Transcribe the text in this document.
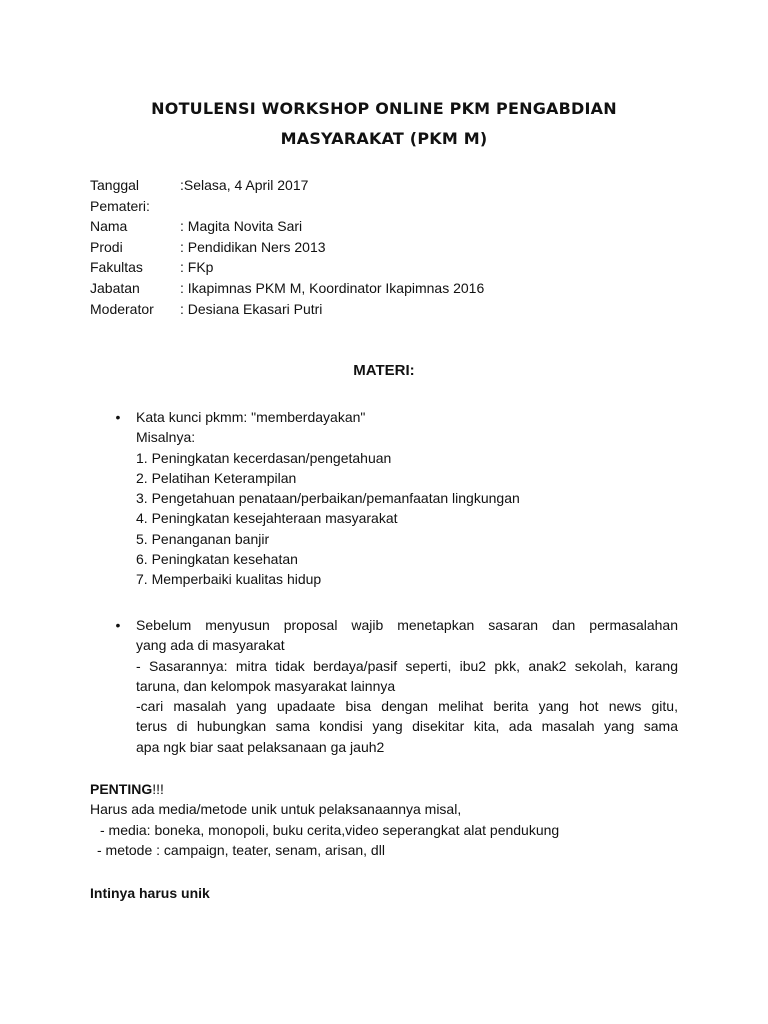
NOTULENSI WORKSHOP ONLINE PKM PENGABDIAN
MASYARAKAT (PKM M)
Tanggal	:Selasa, 4 April 2017
Pemateri:
Nama	: Magita Novita Sari
Prodi	: Pendidikan Ners 2013
Fakultas	: FKp
Jabatan	: Ikapimnas PKM M, Koordinator Ikapimnas 2016
Moderator	: Desiana Ekasari Putri
MATERI:
• Kata kunci pkmm: "memberdayakan"
Misalnya:
1. Peningkatan kecerdasan/pengetahuan
2. Pelatihan Keterampilan
3. Pengetahuan penataan/perbaikan/pemanfaatan lingkungan
4. Peningkatan kesejahteraan masyarakat
5. Penanganan banjir
6. Peningkatan kesehatan
7. Memperbaiki kualitas hidup
• Sebelum menyusun proposal wajib menetapkan sasaran dan permasalahan
yang ada di masyarakat
- Sasarannya: mitra tidak berdaya/pasif seperti, ibu2 pkk, anak2 sekolah, karang
taruna, dan kelompok masyarakat lainnya
-cari masalah yang upadaate bisa dengan melihat berita yang hot news gitu,
terus di hubungkan sama kondisi yang disekitar kita, ada masalah yang sama
apa ngk biar saat pelaksanaan ga jauh2
PENTING!!!
Harus ada media/metode unik untuk pelaksanaannya misal,
- media: boneka, monopoli, buku cerita,video seperangkat alat pendukung
- metode : campaign, teater, senam, arisan, dll
Intinya harus unik
